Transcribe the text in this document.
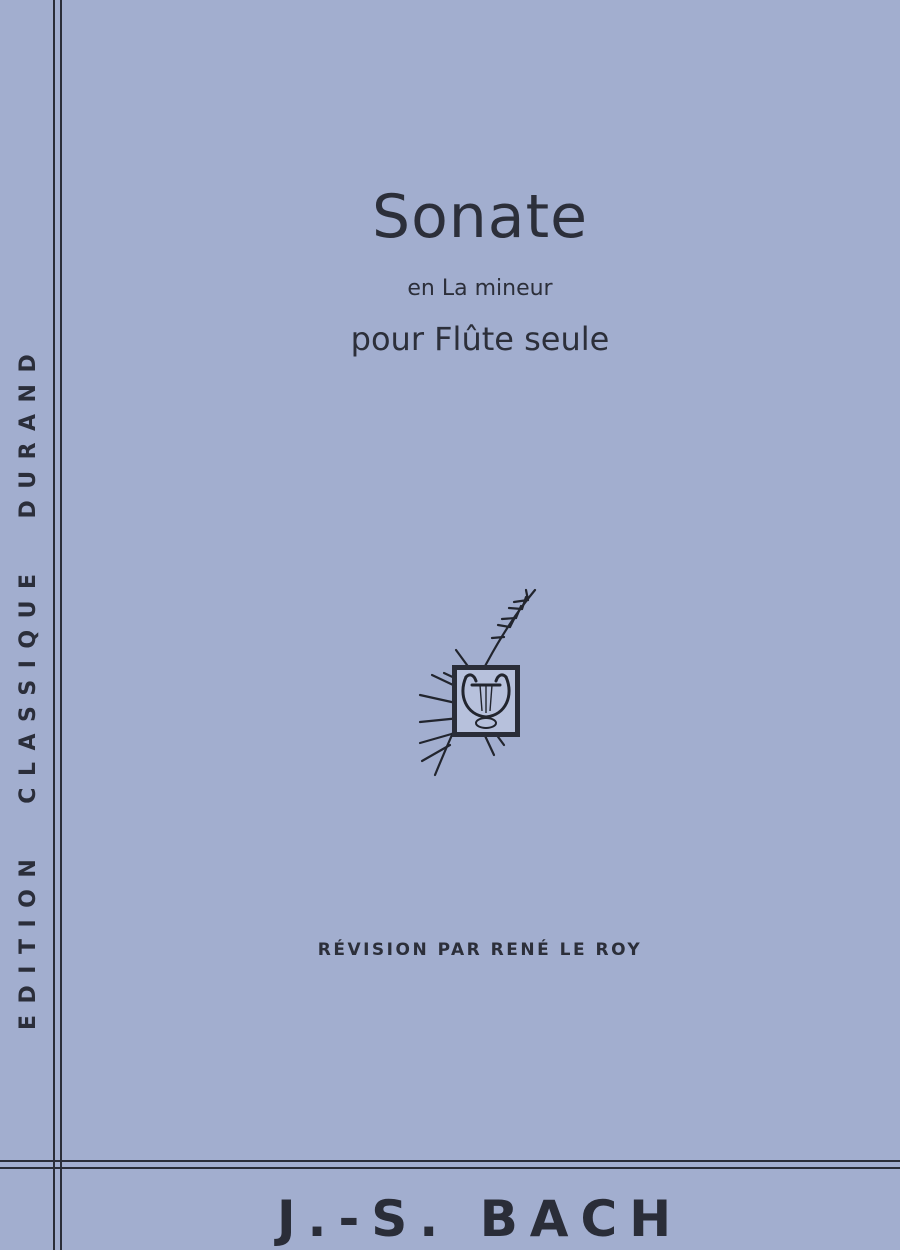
EDITIONCLASSIQUEDURAND
Sonate
en La mineur
pour Flûte seule
RÉVISION PAR RENÉ LE ROY
J.-S. BACH
